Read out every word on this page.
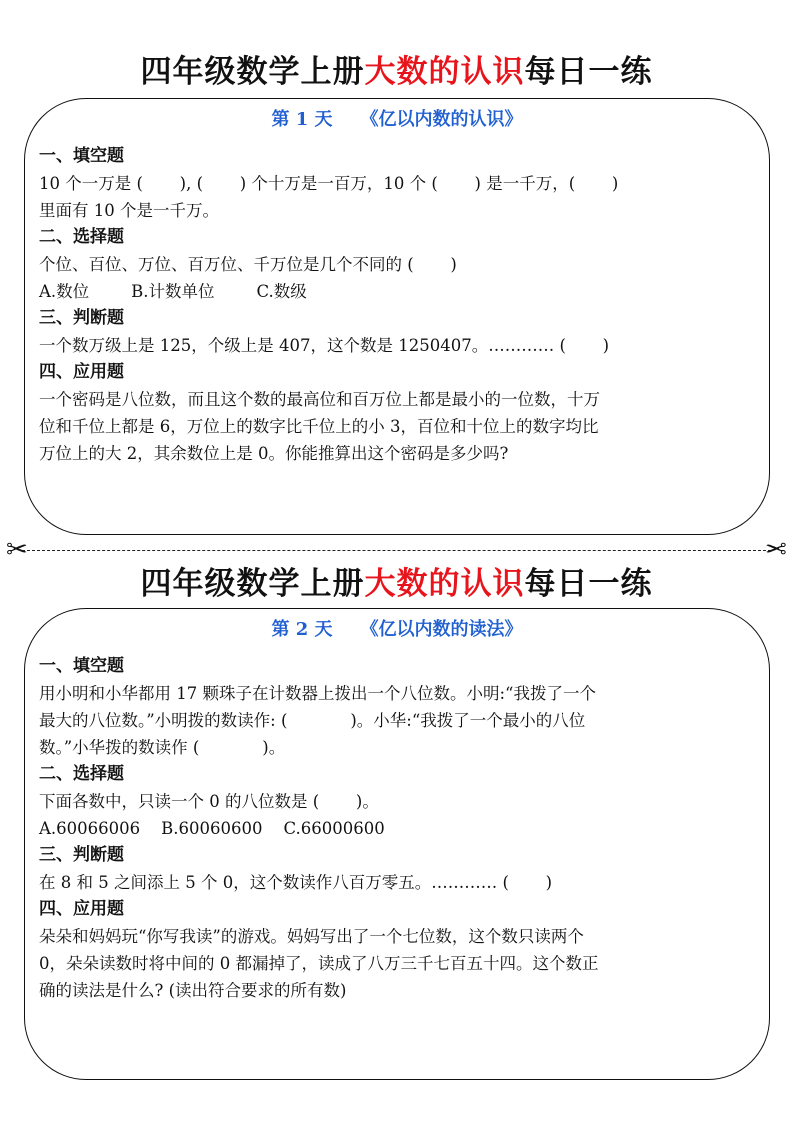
四年级数学上册大数的认识每日一练
第 1 天 《亿以内数的认识》
一、填空题
10 个一万是 (       ), (       ) 个十万是一百万，10 个 (       ) 是一千万，(       )
里面有 10 个是一千万。
二、选择题
个位、百位、万位、百万位、千万位是几个不同的 (       )
A.数位        B.计数单位        C.数级
三、判断题
一个数万级上是 125，个级上是 407，这个数是 1250407。………… (       )
四、应用题
一个密码是八位数，而且这个数的最高位和百万位上都是最小的一位数，十万
位和千位上都是 6，万位上的数字比千位上的小 3，百位和十位上的数字均比
万位上的大 2，其余数位上是 0。你能推算出这个密码是多少吗?
✂	✂
四年级数学上册大数的认识每日一练
第 2 天 《亿以内数的读法》
一、填空题
用小明和小华都用 17 颗珠子在计数器上拨出一个八位数。小明:“我拨了一个
最大的八位数。”小明拨的数读作: (            )。小华:“我拨了一个最小的八位
数。”小华拨的数读作 (            )。
二、选择题
下面各数中，只读一个 0 的八位数是 (       )。
A.60066006    B.60060600    C.66000600
三、判断题
在 8 和 5 之间添上 5 个 0，这个数读作八百万零五。………… (       )
四、应用题
朵朵和妈妈玩“你写我读”的游戏。妈妈写出了一个七位数，这个数只读两个
0，朵朵读数时将中间的 0 都漏掉了，读成了八万三千七百五十四。这个数正
确的读法是什么? (读出符合要求的所有数)
